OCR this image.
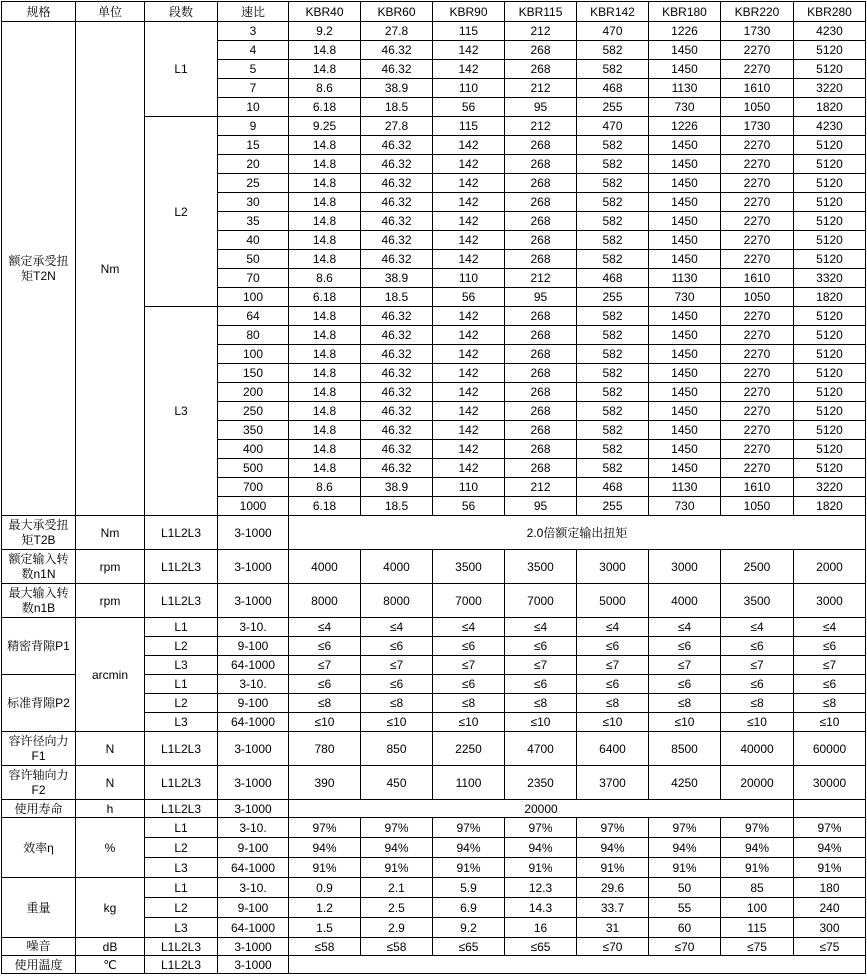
规格	单位	段数	速比	KBR40	KBR60	KBR90	KBR115	KBR142	KBR180	KBR220	KBR280
额定承受扭矩T2N	Nm	L1	3	9.2	27.8	115	212	470	1226	1730	4230
			4	14.8	46.32	142	268	582	1450	2270	5120
			5	14.8	46.32	142	268	582	1450	2270	5120
			7	8.6	38.9	110	212	468	1130	1610	3220
			10	6.18	18.5	56	95	255	730	1050	1820
		L2	9	9.25	27.8	115	212	470	1226	1730	4230
			15	14.8	46.32	142	268	582	1450	2270	5120
			20	14.8	46.32	142	268	582	1450	2270	5120
			25	14.8	46.32	142	268	582	1450	2270	5120
			30	14.8	46.32	142	268	582	1450	2270	5120
			35	14.8	46.32	142	268	582	1450	2270	5120
			40	14.8	46.32	142	268	582	1450	2270	5120
			50	14.8	46.32	142	268	582	1450	2270	5120
			70	8.6	38.9	110	212	468	1130	1610	3320
			100	6.18	18.5	56	95	255	730	1050	1820
		L3	64	14.8	46.32	142	268	582	1450	2270	5120
			80	14.8	46.32	142	268	582	1450	2270	5120
			100	14.8	46.32	142	268	582	1450	2270	5120
			150	14.8	46.32	142	268	582	1450	2270	5120
			200	14.8	46.32	142	268	582	1450	2270	5120
			250	14.8	46.32	142	268	582	1450	2270	5120
			350	14.8	46.32	142	268	582	1450	2270	5120
			400	14.8	46.32	142	268	582	1450	2270	5120
			500	14.8	46.32	142	268	582	1450	2270	5120
			700	8.6	38.9	110	212	468	1130	1610	3220
			1000	6.18	18.5	56	95	255	730	1050	1820
最大承受扭矩T2B	Nm	L1L2L3	3-1000	2.0倍额定输出扭矩							
额定输入转数n1N	rpm	L1L2L3	3-1000	4000	4000	3500	3500	3000	3000	2500	2000
最大输入转数n1B	rpm	L1L2L3	3-1000	8000	8000	7000	7000	5000	4000	3500	3000
精密背隙P1	arcmin	L1	3-10.	≤4	≤4	≤4	≤4	≤4	≤4	≤4	≤4
		L2	9-100	≤6	≤6	≤6	≤6	≤6	≤6	≤6	≤6
		L3	64-1000	≤7	≤7	≤7	≤7	≤7	≤7	≤7	≤7
标准背隙P2		L1	3-10.	≤6	≤6	≤6	≤6	≤6	≤6	≤6	≤6
		L2	9-100	≤8	≤8	≤8	≤8	≤8	≤8	≤8	≤8
		L3	64-1000	≤10	≤10	≤10	≤10	≤10	≤10	≤10	≤10
容许径向力F1	N	L1L2L3	3-1000	780	850	2250	4700	6400	8500	40000	60000
容许轴向力F2	N	L1L2L3	3-1000	390	450	1100	2350	3700	4250	20000	30000
使用寿命	h	L1L2L3	3-1000	20000							
效率η	%	L1	3-10.	97%	97%	97%	97%	97%	97%	97%	97%
		L2	9-100	94%	94%	94%	94%	94%	94%	94%	94%
		L3	64-1000	91%	91%	91%	91%	91%	91%	91%	91%
重量	kg	L1	3-10.	0.9	2.1	5.9	12.3	29.6	50	85	180
		L2	9-100	1.2	2.5	6.9	14.3	33.7	55	100	240
		L3	64-1000	1.5	2.9	9.2	16	31	60	115	300
噪音	dB	L1L2L3	3-1000	≤58	≤58	≤65	≤65	≤70	≤70	≤75	≤75
使用温度	℃	L1L2L3	3-1000								
